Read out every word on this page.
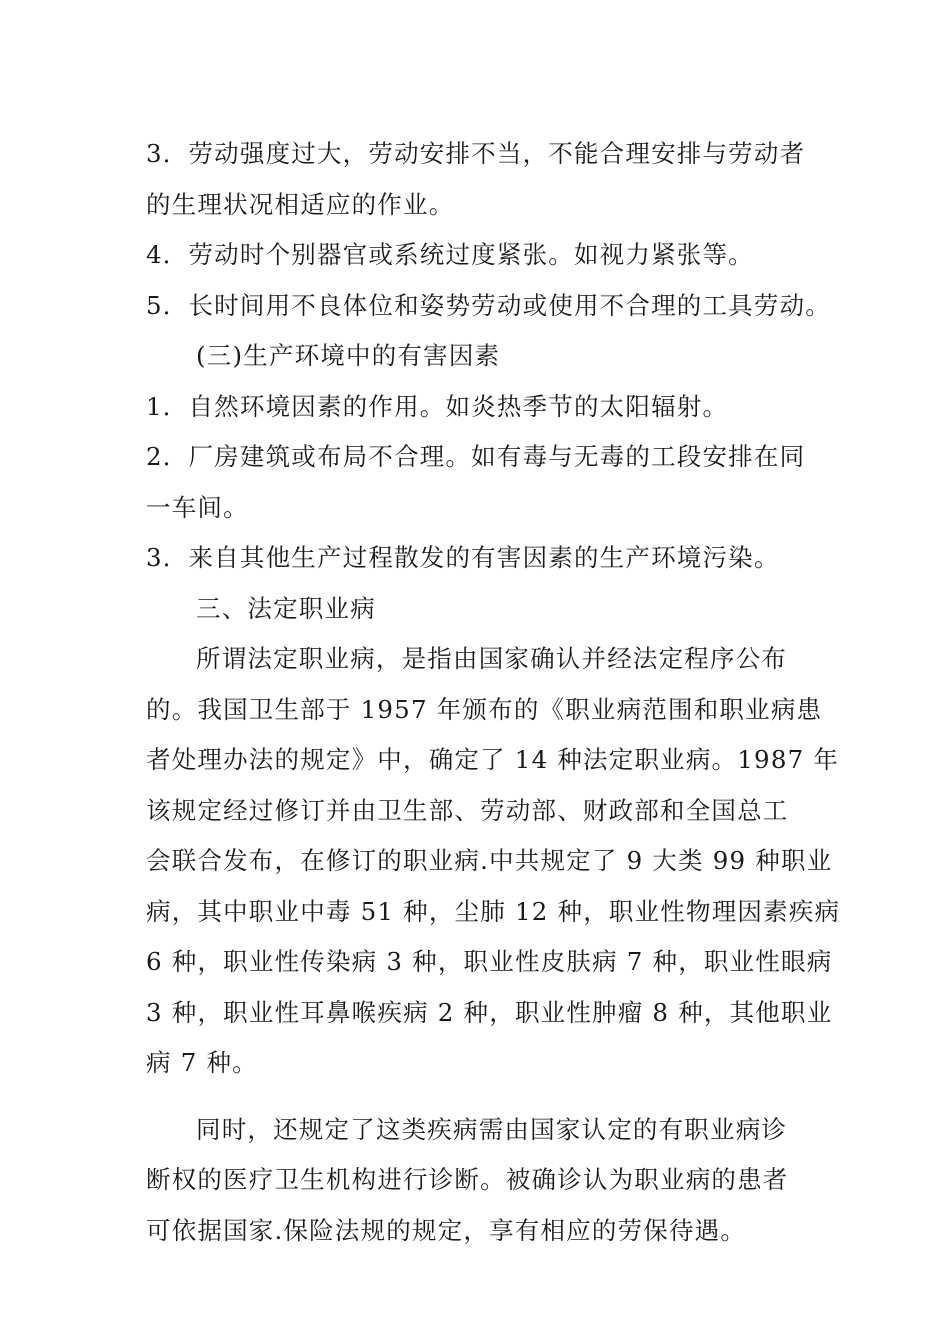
3．劳动强度过大，劳动安排不当，不能合理安排与劳动者
的生理状况相适应的作业。
4．劳动时个别器官或系统过度紧张。如视力紧张等。
5．长时间用不良体位和姿势劳动或使用不合理的工具劳动。
(三)生产环境中的有害因素
1．自然环境因素的作用。如炎热季节的太阳辐射。
2．厂房建筑或布局不合理。如有毒与无毒的工段安排在同
一车间。
3．来自其他生产过程散发的有害因素的生产环境污染。
三、法定职业病
所谓法定职业病，是指由国家确认并经法定程序公布
的。我国卫生部于 1957 年颁布的《职业病范围和职业病患
者处理办法的规定》中，确定了 14 种法定职业病。1987 年
该规定经过修订并由卫生部、劳动部、财政部和全国总工
会联合发布，在修订的职业病.中共规定了 9 大类 99 种职业
病，其中职业中毒 51 种，尘肺 12 种，职业性物理因素疾病
6 种，职业性传染病 3 种，职业性皮肤病 7 种，职业性眼病
3 种，职业性耳鼻喉疾病 2 种，职业性肿瘤 8 种，其他职业
病 7 种。
同时，还规定了这类疾病需由国家认定的有职业病诊
断权的医疗卫生机构进行诊断。被确诊认为职业病的患者
可依据国家.保险法规的规定，享有相应的劳保待遇。
